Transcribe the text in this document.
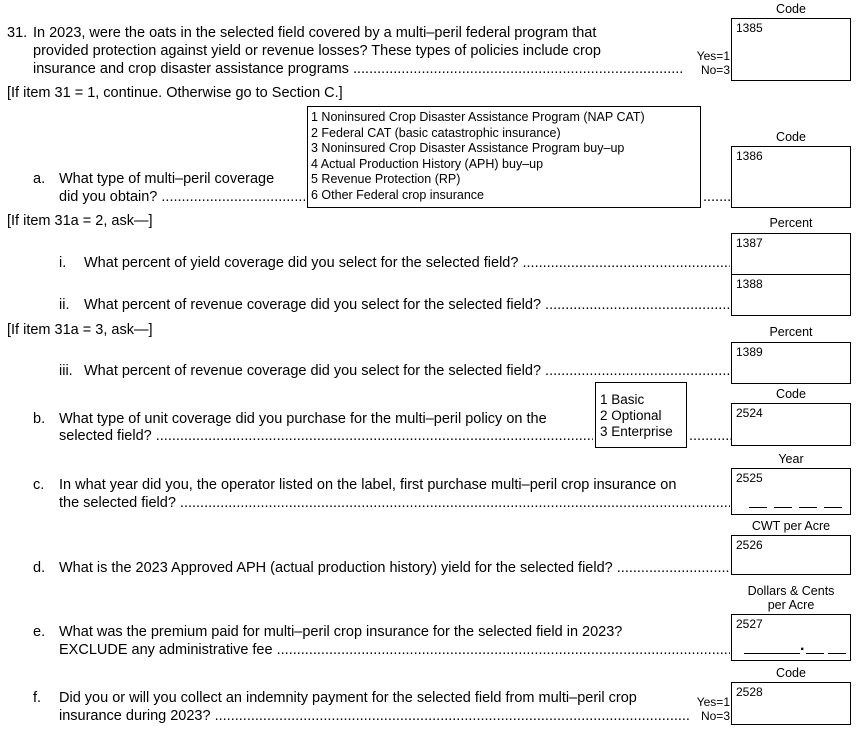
Code
31. In 2023, were the oats in the selected field covered by a multi–peril federal program that
provided protection against yield or revenue losses? These types of policies include crop
insurance and crop disaster assistance programs .....
Yes=1
No=3
1385
[If item 31 = 1, continue. Otherwise go to Section C.]
1 Noninsured Crop Disaster Assistance Program (NAP CAT)
2 Federal CAT (basic catastrophic insurance)
3 Noninsured Crop Disaster Assistance Program buy–up
4 Actual Production History (APH) buy–up
5 Revenue Protection (RP)
6 Other Federal crop insurance
Code
a. What type of multi–peril coverage
did you obtain? .....
.....
1386
[If item 31a = 2, ask—]	Percent
1387
i. What percent of yield coverage did you select for the selected field? .....
1388
ii. What percent of revenue coverage did you select for the selected field? .....
[If item 31a = 3, ask—]	Percent
1389
iii. What percent of revenue coverage did you select for the selected field? .....
1 Basic
2 Optional
3 Enterprise
Code
2524
b. What type of unit coverage did you purchase for the multi–peril policy on the
selected field? .....
.....
Year
2525
c. In what year did you, the operator listed on the label, first purchase multi–peril crop insurance on
the selected field? .....
CWT per Acre
2526
d. What is the 2023 Approved APH (actual production history) yield for the selected field? .....
Dollars & Cents
per Acre
2527
.
e. What was the premium paid for multi–peril crop insurance for the selected field in 2023?
EXCLUDE any administrative fee .....
Code
2528
f. Did you or will you collect an indemnity payment for the selected field from multi–peril crop
insurance during 2023? .....
Yes=1
No=3
